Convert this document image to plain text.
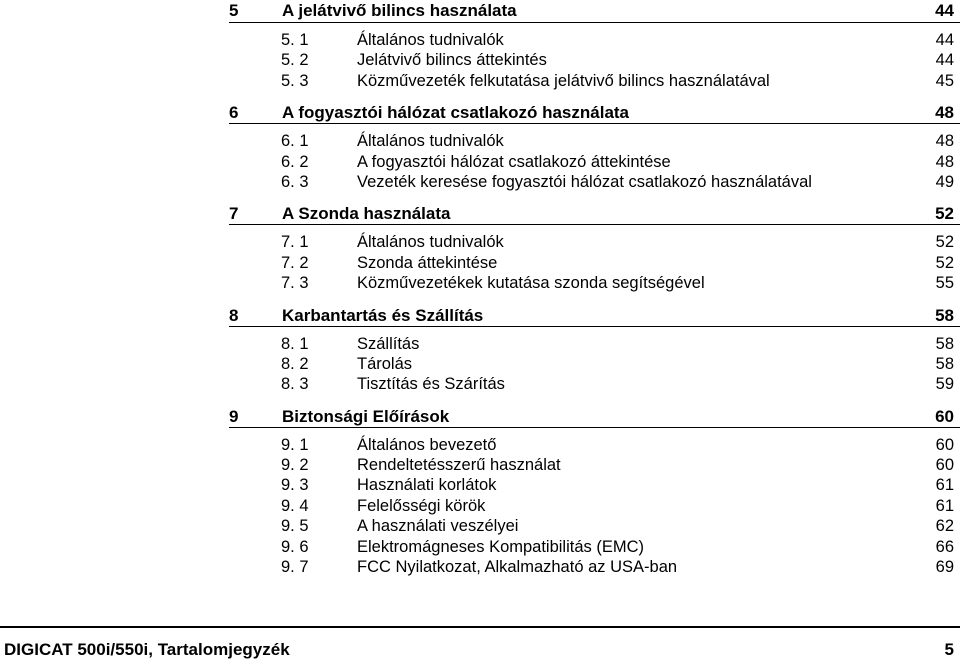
5	A jelátvivő bilincs használata	44
5. 1	Általános tudnivalók	44
5. 2	Jelátvivő bilincs áttekintés	44
5. 3	Közművezeték felkutatása jelátvivő bilincs használatával	45
6	A fogyasztói hálózat csatlakozó használata	48
6. 1	Általános tudnivalók	48
6. 2	A fogyasztói hálózat csatlakozó áttekintése	48
6. 3	Vezeték keresése fogyasztói hálózat csatlakozó használatával	49
7	A Szonda használata	52
7. 1	Általános tudnivalók	52
7. 2	Szonda áttekintése	52
7. 3	Közművezetékek kutatása szonda segítségével	55
8	Karbantartás és Szállítás	58
8. 1	Szállítás	58
8. 2	Tárolás	58
8. 3	Tisztítás és Szárítás	59
9	Biztonsági Előírások	60
9. 1	Általános bevezető	60
9. 2	Rendeltetésszerű használat	60
9. 3	Használati korlátok	61
9. 4	Felelősségi körök	61
9. 5	A használati veszélyei	62
9. 6	Elektromágneses Kompatibilitás (EMC)	66
9. 7	FCC Nyilatkozat, Alkalmazható az USA-ban	69
DIGICAT 500i/550i, Tartalomjegyzék	5
